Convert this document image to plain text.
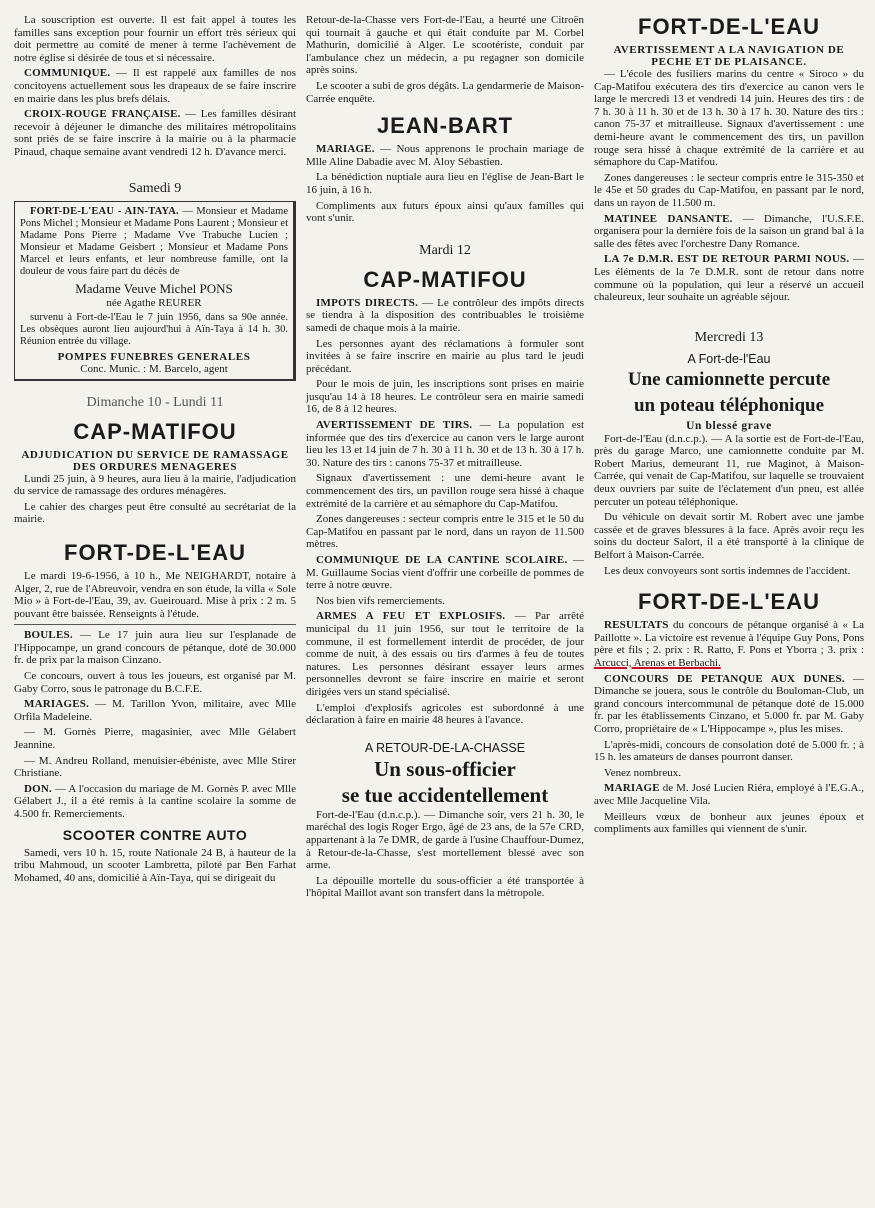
La souscription est ouverte. Il est fait appel à toutes les familles sans exception pour fournir un effort très sérieux qui doit permettre au comité de mener à terme l'achèvement de notre église si désirée de tous et si nécessaire.

COMMUNIQUE. — Il est rappelé aux familles de nos concitoyens actuellement sous les drapeaux de se faire inscrire en mairie dans les plus brefs délais.

CROIX-ROUGE FRANÇAISE. — Les familles désirant recevoir à déjeuner le dimanche des militaires métropolitains sont priés de se faire inscrire à la mairie ou à la pharmacie Pinaud, chaque semaine avant vendredi 12 h. D'avance merci.

Samedi 9

FORT-DE-L'EAU - AIN-TAYA. — Monsieur et Madame Pons Michel ; Monsieur et Madame Pons Laurent ; Monsieur et Madame Pons Pierre ; Madame Vve Trabuche Lucien ; Monsieur et Madame Geisbert ; Monsieur et Madame Pons Marcel et leurs enfants, et leur nombreuse famille, ont la douleur de vous faire part du décès de

Madame Veuve Michel PONS
née Agathe REURER

survenu à Fort-de-l'Eau le 7 juin 1956, dans sa 90e année. Les obsèques auront lieu aujourd'hui à Aïn-Taya à 14 h. 30. Réunion entrée du village.

POMPES FUNEBRES GENERALES
Conc. Munic. : M. Barcelo, agent
Dimanche 10 - Lundi 11
CAP-MATIFOU
ADJUDICATION DU SERVICE DE RAMASSAGE DES ORDURES MENAGERES

Lundi 25 juin, à 9 heures, aura lieu à la mairie, l'adjudication du service de ramassage des ordures ménagères.

Le cahier des charges peut être consulté au secrétariat de la mairie.

FORT-DE-L'EAU

Le mardi 19-6-1956, à 10 h., Me NEIGHARDT, notaire à Alger, 2, rue de l'Abreuvoir, vendra en son étude, la villa « Sole Mio » à Fort-de-l'Eau, 39, av. Gueirouard. Mise à prix : 2 m. 5 pouvant être baissée. Renseignts à l'étude.

BOULES. — Le 17 juin aura lieu sur l'esplanade de l'Hippocampe, un grand concours de pétanque, doté de 30.000 fr. de prix par la maison Cinzano.

Ce concours, ouvert à tous les joueurs, est organisé par M. Gaby Corro, sous le patronage du B.C.F.E.

MARIAGES. — M. Tarillon Yvon, militaire, avec Mlle Orfila Madeleine.

— M. Gornès Pierre, magasinier, avec Mlle Gélabert Jeannine.

— M. Andreu Rolland, menuisier-ébéniste, avec Mlle Stirer Christiane.

DON. — A l'occasion du mariage de M. Gornès P. avec Mlle Gélabert J., il a été remis à la cantine scolaire la somme de 4.500 fr. Remerciements.

SCOOTER CONTRE AUTO

Samedi, vers 10 h. 15, route Nationale 24 B, à hauteur de la tribu Mahmoud, un scooter Lambretta, piloté par Ben Farhat Mohamed, 40 ans, domicilié à Aïn-Taya, qui se dirigeait du

Retour-de-la-Chasse vers Fort-de-l'Eau, a heurté une Citroën qui tournait à gauche et qui était conduite par M. Corbel Mathurin, domicilié à Alger. Le scootériste, conduit par l'ambulance chez un médecin, a pu regagner son domicile après soins.

Le scooter a subi de gros dégâts. La gendarmerie de Maison-Carrée enquête.

JEAN-BART

MARIAGE. — Nous apprenons le prochain mariage de Mlle Aline Dabadie avec M. Aloy Sébastien.

La bénédiction nuptiale aura lieu en l'église de Jean-Bart le 16 juin, à 16 h.

Compliments aux futurs époux ainsi qu'aux familles qui vont s'unir.

Mardi 12
CAP-MATIFOU

IMPOTS DIRECTS. — Le contrôleur des impôts directs se tiendra à la disposition des contribuables le troisième samedi de chaque mois à la mairie.

Les personnes ayant des réclamations à formuler sont invitées à se faire inscrire en mairie au plus tard le jeudi précédant.

Pour le mois de juin, les inscriptions sont prises en mairie jusqu'au 14 à 18 heures. Le contrôleur sera en mairie samedi 16, de 8 à 12 heures.

AVERTISSEMENT DE TIRS. — La population est informée que des tirs d'exercice au canon vers le large auront lieu les 13 et 14 juin de 7 h. 30 à 11 h. 30 et de 13 h. 30 à 17 h. 30. Nature des tirs : canons 75-37 et mitrailleuse.

Signaux d'avertissement : une demi-heure avant le commencement des tirs, un pavillon rouge sera hissé à chaque extrémité de la carrière et au sémaphore du Cap-Matifou.

Zones dangereuses : secteur compris entre le 315 et le 50 du Cap-Matifou en passant par le nord, dans un rayon de 11.500 mètres.

COMMUNIQUE DE LA CANTINE SCOLAIRE. — M. Guillaume Socias vient d'offrir une corbeille de pommes de terre à notre œuvre.

Nos bien vifs remerciements.

ARMES A FEU ET EXPLOSIFS. — Par arrêté municipal du 11 juin 1956, sur tout le territoire de la commune, il est formellement interdit de procéder, de jour comme de nuit, à des essais ou tirs d'armes à feu de toutes natures. Les personnes désirant essayer leurs armes personnelles devront se faire inscrire en mairie et seront dirigées vers un stand spécialisé.

L'emploi d'explosifs agricoles est subordonné à une déclaration à faire en mairie 48 heures à l'avance.

A RETOUR-DE-LA-CHASSE
Un sous-officier
se tue accidentellement

Fort-de-l'Eau (d.n.c.p.). — Dimanche soir, vers 21 h. 30, le maréchal des logis Roger Ergo, âgé de 23 ans, de la 57e CRD, appartenant à la 7e DMR, de garde à l'usine Chauffour-Dumez, à Retour-de-la-Chasse, s'est mortellement blessé avec son arme.

La dépouille mortelle du sous-officier a été transportée à l'hôpital Maillot avant son transfert dans la métropole.

FORT-DE-L'EAU
AVERTISSEMENT A LA NAVIGATION DE PECHE ET DE PLAISANCE.

— L'école des fusiliers marins du centre « Siroco » du Cap-Matifou exécutera des tirs d'exercice au canon vers le large le mercredi 13 et vendredi 14 juin. Heures des tirs : de 7 h. 30 à 11 h. 30 et de 13 h. 30 à 17 h. 30. Nature des tirs : canon 75-37 et mitrailleuse. Signaux d'avertissement : une demi-heure avant le commencement des tirs, un pavillon rouge sera hissé à chaque extrémité de la carrière et au sémaphore du Cap-Matifou.

Zones dangereuses : le secteur compris entre le 315-350 et le 45e et 50 grades du Cap-Matifou, en passant par le nord, dans un rayon de 11.500 m.

MATINEE DANSANTE. — Dimanche, l'U.S.F.E. organisera pour la dernière fois de la saison un grand bal à la salle des fêtes avec l'orchestre Dany Romance.

LA 7e D.M.R. EST DE RETOUR PARMI NOUS. — Les éléments de la 7e D.M.R. sont de retour dans notre commune où la population, qui leur a réservé un accueil chaleureux, leur souhaite un agréable séjour.

Mercredi 13
A Fort-de-l'Eau
Une camionnette percute
un poteau téléphonique
Un blessé grave

Fort-de-l'Eau (d.n.c.p.). — A la sortie est de Fort-de-l'Eau, près du garage Marco, une camionnette conduite par M. Robert Marius, demeurant 11, rue Maginot, à Maison-Carrée, qui venait de Cap-Matifou, sur laquelle se trouvaient deux ouvriers par suite de l'éclatement d'un pneu, est allée percuter un poteau téléphonique.

Du véhicule on devait sortir M. Robert avec une jambe cassée et de graves blessures à la face. Après avoir reçu les soins du docteur Salort, il a été transporté à la clinique de Belfort à Maison-Carrée.

Les deux convoyeurs sont sortis indemnes de l'accident.

FORT-DE-L'EAU

RESULTATS du concours de pétanque organisé à « La Paillotte ». La victoire est revenue à l'équipe Guy Pons, Pons père et fils ; 2. prix : R. Ratto, F. Pons et Yborra ; 3. prix : Arcucci, Arenas et Berbachi.

CONCOURS DE PETANQUE AUX DUNES. — Dimanche se jouera, sous le contrôle du Bouloman-Club, un grand concours intercommunal de pétanque doté de 15.000 fr. par les établissements Cinzano, et 5.000 fr. par M. Gaby Corro, propriétaire de « L'Hippocampe », plus les mises.

L'après-midi, concours de consolation doté de 5.000 fr. ; à 15 h. les amateurs de danses pourront danser.

Venez nombreux.

MARIAGE de M. José Lucien Riéra, employé à l'E.G.A., avec Mlle Jacqueline Vila.

Meilleurs vœux de bonheur aux jeunes époux et compliments aux familles qui viennent de s'unir.
